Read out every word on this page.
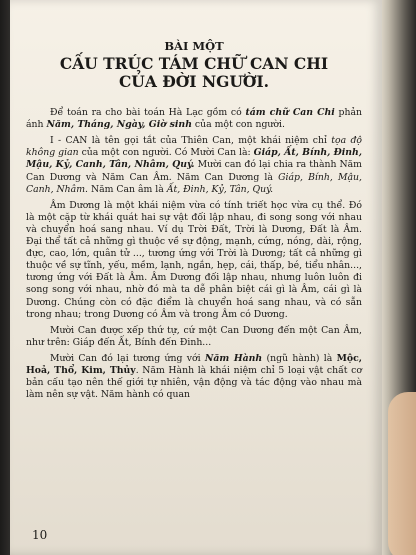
BÀI MỘT
CẤU TRÚC TÁM CHỮ CAN CHI
CỦA ĐỜI NGƯỜI.

Để toán ra cho bài toán Hà Lạc gồm có tám chữ Can Chi phản ánh Năm, Tháng, Ngày, Giờ sinh của một con người.

I - CAN là tên gọi tắt của Thiên Can, một khái niệm chỉ tọa độ không gian của một con người. Có Mười Can là: Giáp, Ất, Bính, Đinh, Mậu, Kỷ, Canh, Tân, Nhâm, Quý. Mười can đó lại chia ra thành Năm Can Dương và Năm Can Âm. Năm Can Dương là Giáp, Bính, Mậu, Canh, Nhâm. Năm Can âm là Ất, Đinh, Kỷ, Tân, Quý.

Âm Dương là một khái niệm vừa có tính triết học vừa cụ thể. Đó là một cặp từ khái quát hai sự vật đối lập nhau, đi song song với nhau và chuyển hoá sang nhau. Ví dụ Trời Đất, Trời là Dương, Đất là Âm. Đại thể tất cả những gì thuộc về sự động, mạnh, cứng, nóng, dài, rộng, đực, cao, lớn, quân tử ..., tương ứng với Trời là Dương; tất cả những gì thuộc về sự tĩnh, yếu, mềm, lạnh, ngắn, hẹp, cái, thấp, bé, tiểu nhân..., tương ứng với Đất là Âm. Âm Dương đối lập nhau, nhưng luôn luôn đi song song với nhau, nhờ đó mà ta dễ phân biệt cái gì là Âm, cái gì là Dương. Chúng còn có đặc điểm là chuyển hoá sang nhau, và có sẵn trong nhau; trong Dương có Âm và trong Âm có Dương.

Mười Can được xếp thứ tự, cứ một Can Dương đến một Can Âm, như trên: Giáp đến Ất, Bính đến Đinh...

Mười Can đó lại tương ứng với Năm Hành (ngũ hành) là Mộc, Hoả, Thổ, Kim, Thủy. Năm Hành là khái niệm chỉ 5 loại vật chất cơ bản cấu tạo nên thế giới tự nhiên, vận động và tác động vào nhau mà làm nên sự vật. Năm hành có quan

10
